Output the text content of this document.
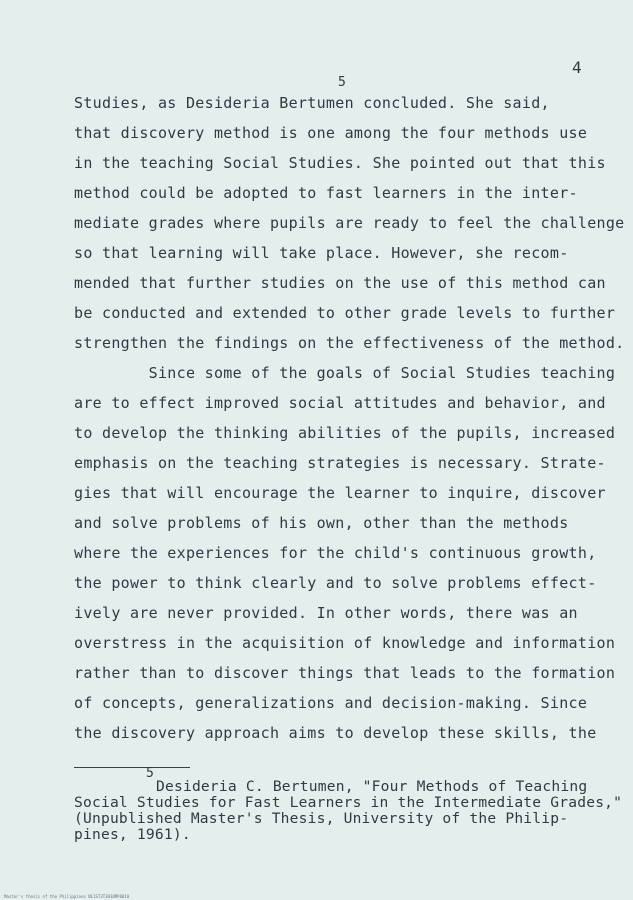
4
5
Studies, as Desideria Bertumen concluded. She said,
that discovery method is one among the four methods use
in the teaching Social Studies. She pointed out that this
method could be adopted to fast learners in the inter-
mediate grades where pupils are ready to feel the challenge
so that learning will take place. However, she recom-
mended that further studies on the use of this method can
be conducted and extended to other grade levels to further
strengthen the findings on the effectiveness of the method.
Since some of the goals of Social Studies teaching
are to effect improved social attitudes and behavior, and
to develop the thinking abilities of the pupils, increased
emphasis on the teaching strategies is necessary. Strate-
gies that will encourage the learner to inquire, discover
and solve problems of his own, other than the methods
where the experiences for the child's continuous growth,
the power to think clearly and to solve problems effect-
ively are never provided. In other words, there was an
overstress in the acquisition of knowledge and information
rather than to discover things that leads to the formation
of concepts, generalizations and decision-making. Since
the discovery approach aims to develop these skills, the
5
Desideria C. Bertumen, "Four Methods of Teaching
Social Studies for Fast Learners in the Intermediate Grades,"
(Unpublished Master's Thesis, University of the Philip-
pines, 1961).
Master's thesis of the Philippines NL1ST3T3030MP0018
